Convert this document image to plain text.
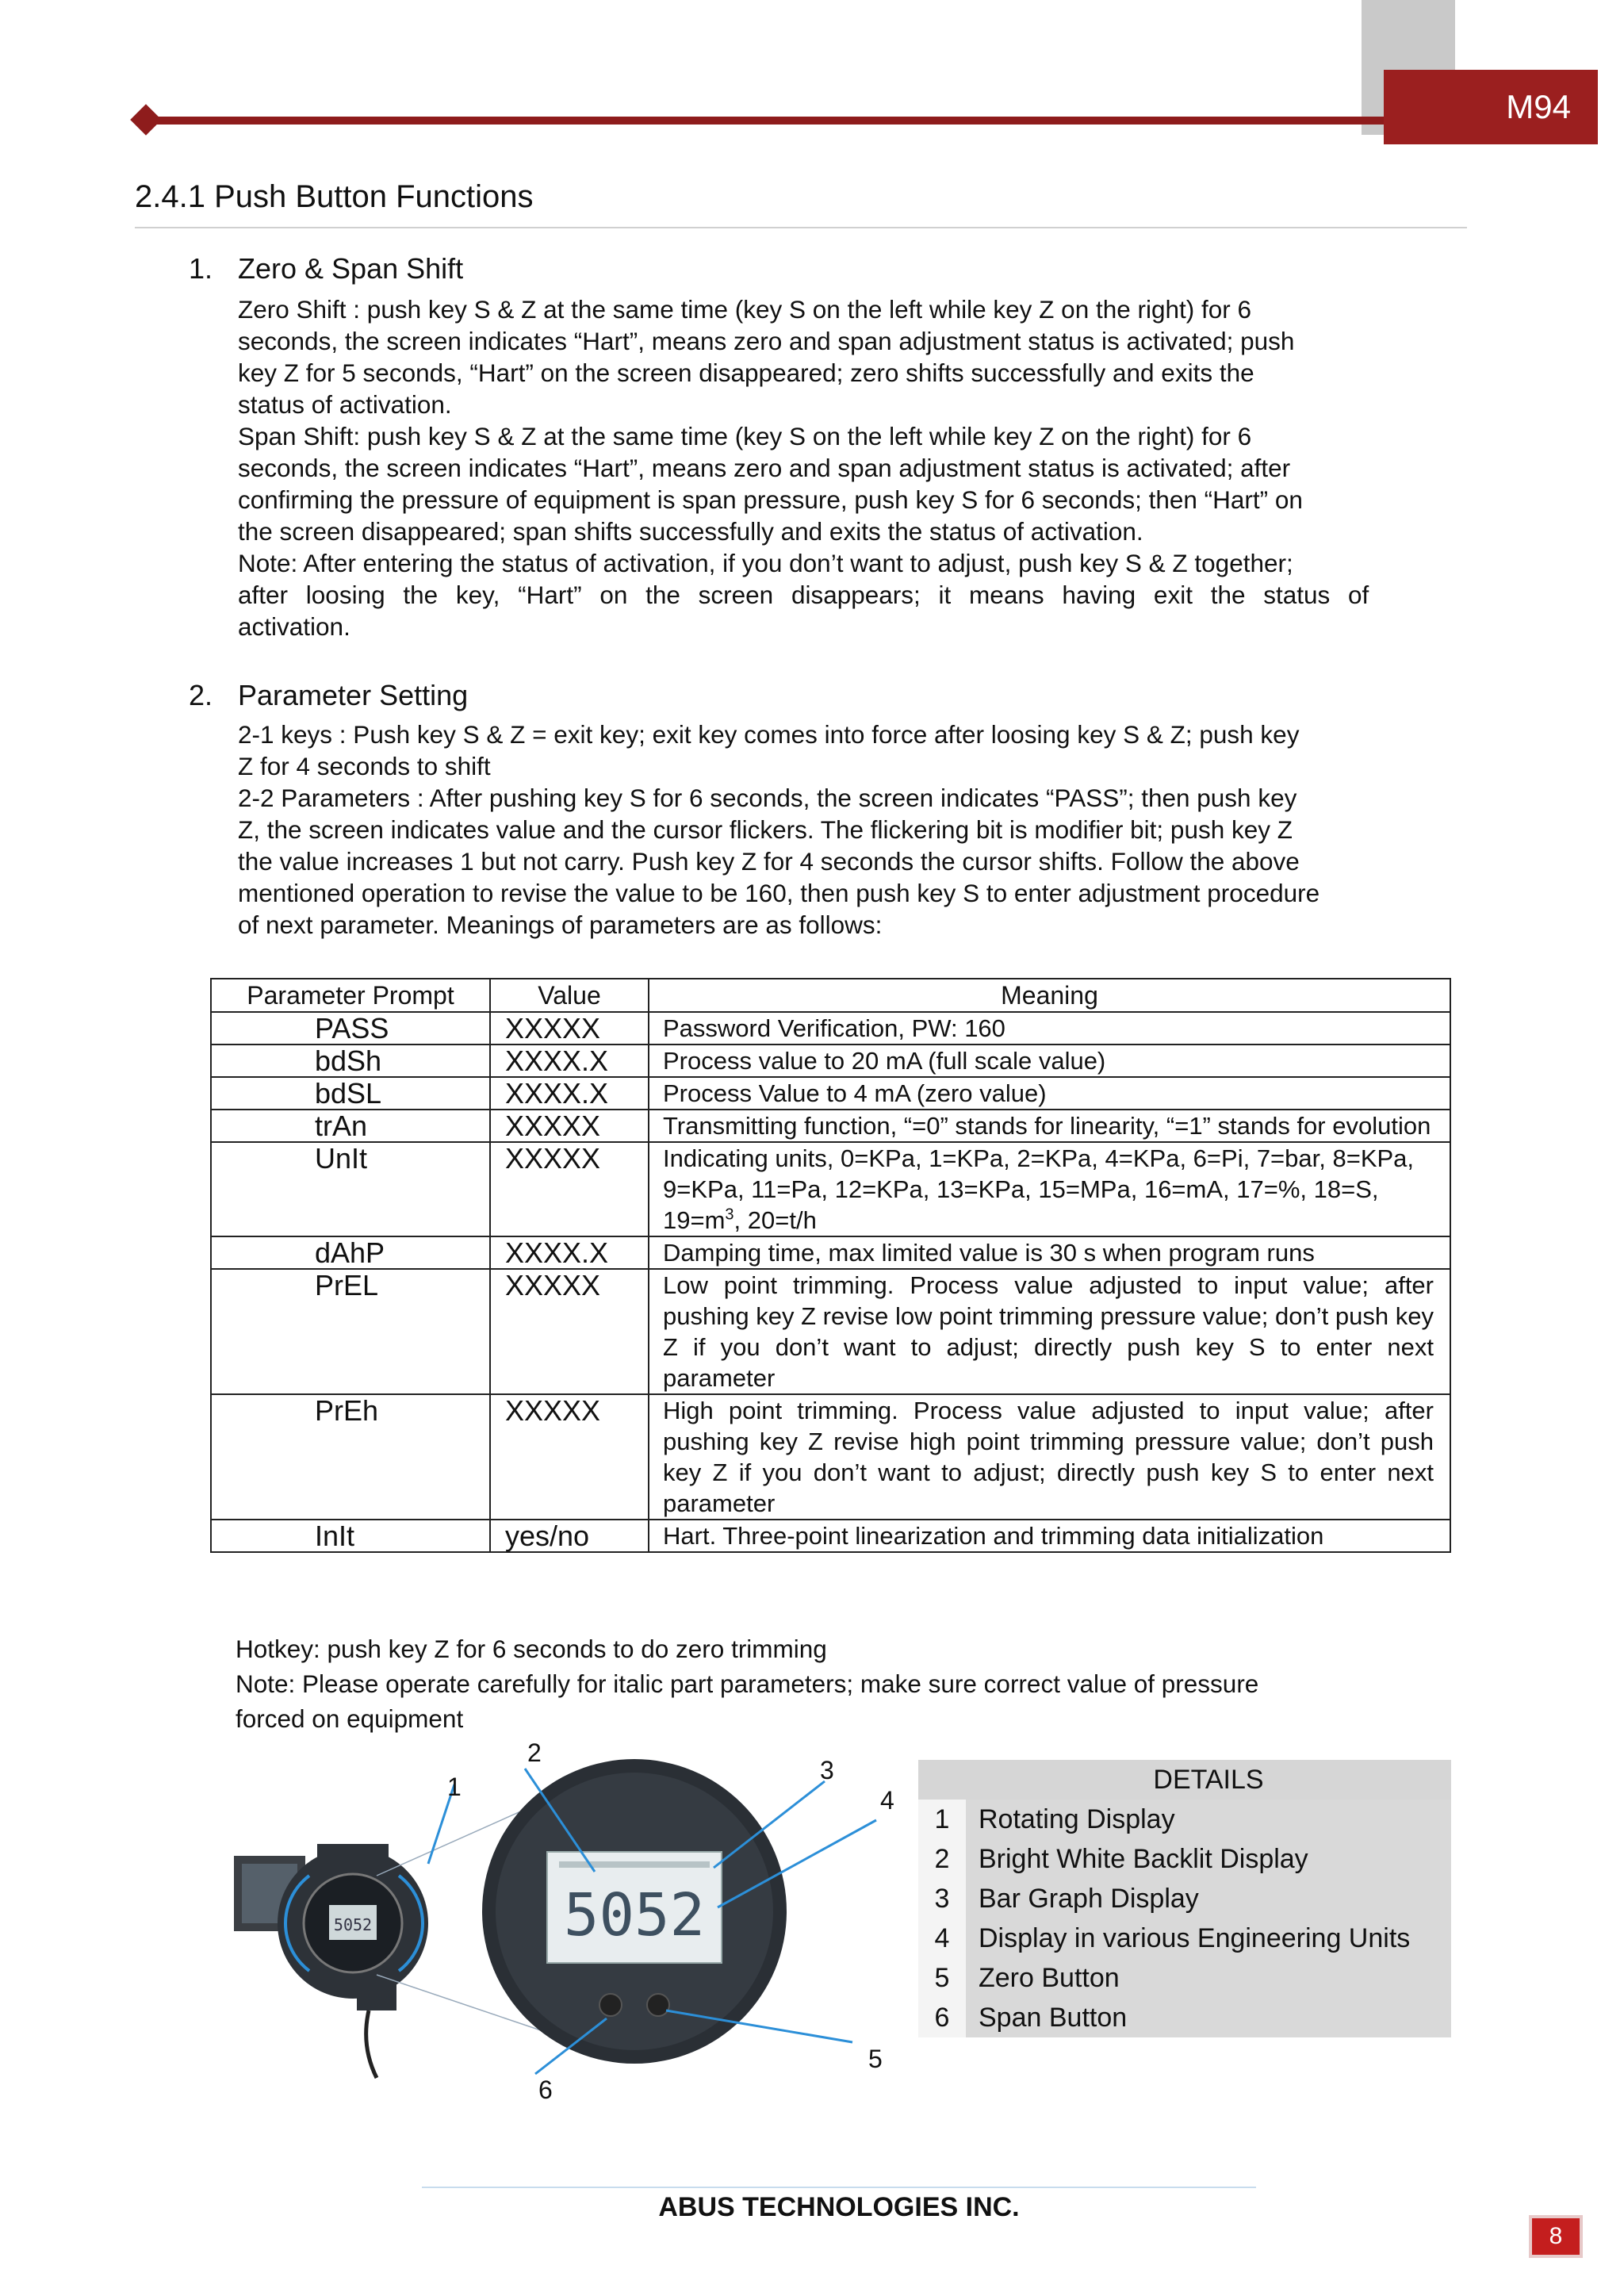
M94
2.4.1 Push Button Functions
1. Zero & Span Shift
Zero Shift : push key S & Z at the same time (key S on the left while key Z on the right) for 6
seconds, the screen indicates “Hart”, means zero and span adjustment status is activated; push
key Z for 5 seconds, “Hart” on the screen disappeared; zero shifts successfully and exits the
status of activation.
Span Shift: push key S & Z at the same time (key S on the left while key Z on the right) for 6
seconds, the screen indicates “Hart”, means zero and span adjustment status is activated; after
confirming the pressure of equipment is span pressure, push key S for 6 seconds; then “Hart” on
the screen disappeared; span shifts successfully and exits the status of activation.
Note: After entering the status of activation, if you don’t want to adjust, push key S & Z together;
after loosing the key, “Hart” on the screen disappears; it means having exit the status of
activation.
2. Parameter Setting
2-1 keys : Push key S & Z = exit key; exit key comes into force after loosing key S & Z; push key
Z for 4 seconds to shift
2-2 Parameters : After pushing key S for 6 seconds, the screen indicates “PASS”; then push key
Z, the screen indicates value and the cursor flickers. The flickering bit is modifier bit; push key Z
the value increases 1 but not carry. Push key Z for 4 seconds the cursor shifts. Follow the above
mentioned operation to revise the value to be 160, then push key S to enter adjustment procedure
of next parameter. Meanings of parameters are as follows:
Parameter Prompt	Value	Meaning
PASS	XXXXX	Password Verification, PW: 160
bdSh	XXXX.X	Process value to 20 mA (full scale value)
bdSL	XXXX.X	Process Value to 4 mA (zero value)
trAn	XXXXX	Transmitting function, “=0” stands for linearity, “=1” stands for evolution
UnIt	XXXXX	Indicating units, 0=KPa, 1=KPa, 2=KPa, 4=KPa, 6=Pi, 7=bar, 8=KPa, 9=KPa, 11=Pa, 12=KPa, 13=KPa, 15=MPa, 16=mA, 17=%, 18=S, $19=m^3$, 20=t/h
dAhP	XXXX.X	Damping time, max limited value is 30 s when program runs
PrEL	XXXXX	Low point trimming. Process value adjusted to input value; after pushing key Z revise low point trimming pressure value; don’t push key Z if you don’t want to adjust; directly push key S to enter next parameter
PrEh	XXXXX	High point trimming. Process value adjusted to input value; after pushing key Z revise high point trimming pressure value; don’t push key Z if you don’t want to adjust; directly push key S to enter next parameter
InIt	yes/no	Hart. Three-point linearization and trimming data initialization
Hotkey: push key Z for 6 seconds to do zero trimming
Note: Please operate carefully for italic part parameters; make sure correct value of pressure
forced on equipment
5052	5052
1
2
3
4
5
6
DETAILS
1	Rotating Display
2	Bright White Backlit Display
3	Bar Graph Display
4	Display in various Engineering Units
5	Zero Button
6	Span Button
ABUS TECHNOLOGIES INC.
8
